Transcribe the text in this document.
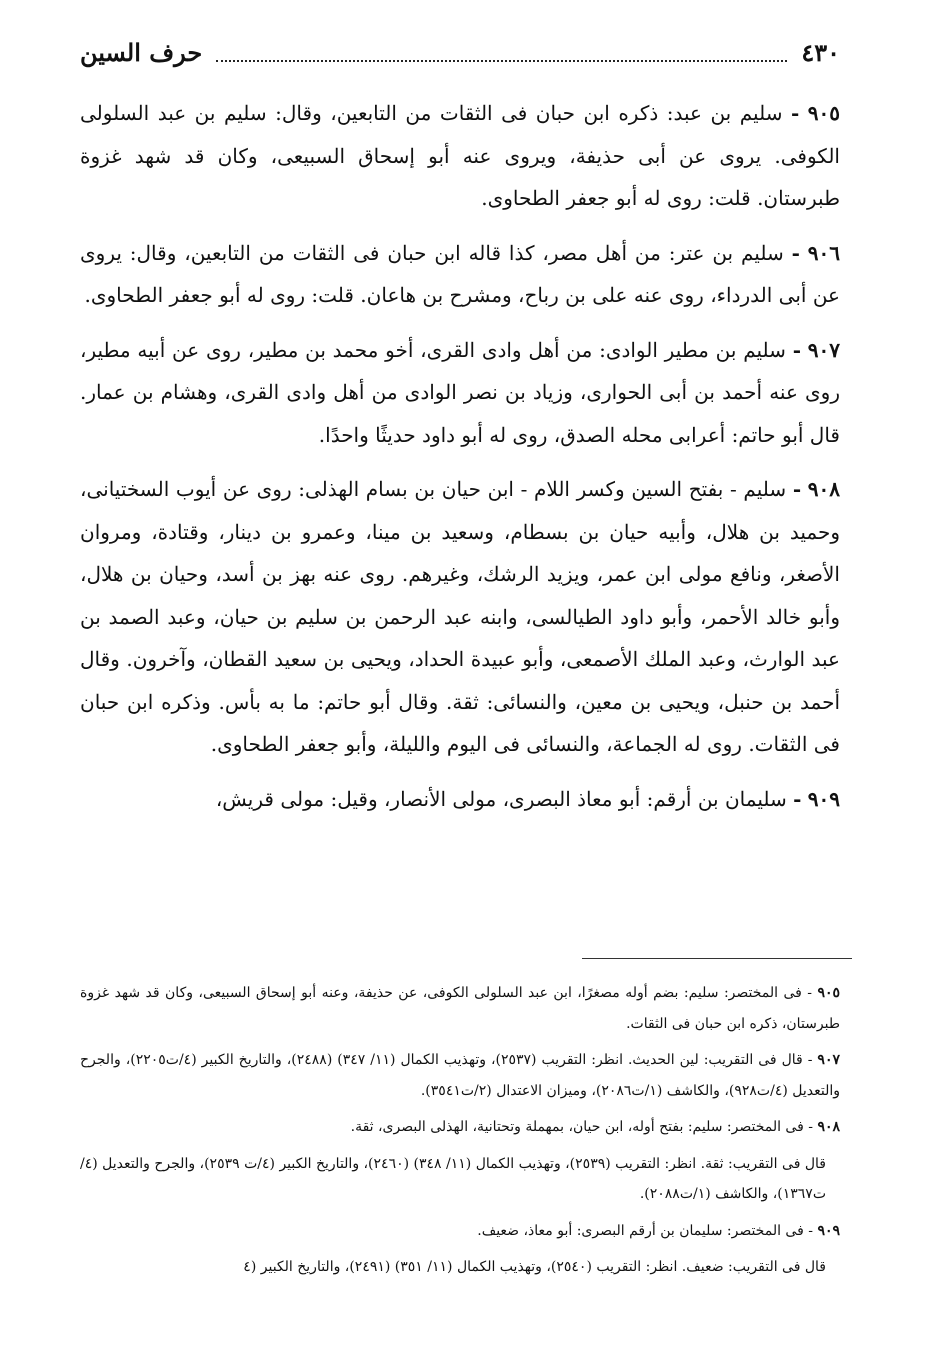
٤٣٠
حرف السين

٩٠٥ - سليم بن عبد: ذكره ابن حبان فى الثقات من التابعين، وقال: سليم بن عبد السلولى الكوفى. يروى عن أبى حذيفة، ويروى عنه أبو إسحاق السبيعى، وكان قد شهد غزوة طبرستان. قلت: روى له أبو جعفر الطحاوى.

٩٠٦ - سليم بن عتر: من أهل مصر، كذا قاله ابن حبان فى الثقات من التابعين، وقال: يروى عن أبى الدرداء، روى عنه على بن رباح، ومشرح بن هاعان. قلت: روى له أبو جعفر الطحاوى.

٩٠٧ - سليم بن مطير الوادى: من أهل وادى القرى، أخو محمد بن مطير، روى عن أبيه مطير، روى عنه أحمد بن أبى الحوارى، وزياد بن نصر الوادى من أهل وادى القرى، وهشام بن عمار. قال أبو حاتم: أعرابى محله الصدق، روى له أبو داود حديثًا واحدًا.

٩٠٨ - سليم - بفتح السين وكسر اللام - ابن حيان بن بسام الهذلى: روى عن أيوب السختيانى، وحميد بن هلال، وأبيه حيان بن بسطام، وسعيد بن مينا، وعمرو بن دينار، وقتادة، ومروان الأصغر، ونافع مولى ابن عمر، ويزيد الرشك، وغيرهم. روى عنه بهز بن أسد، وحيان بن هلال، وأبو خالد الأحمر، وأبو داود الطيالسى، وابنه عبد الرحمن بن سليم بن حيان، وعبد الصمد بن عبد الوارث، وعبد الملك الأصمعى، وأبو عبيدة الحداد، ويحيى بن سعيد القطان، وآخرون. وقال أحمد بن حنبل، ويحيى بن معين، والنسائى: ثقة. وقال أبو حاتم: ما به بأس. وذكره ابن حبان فى الثقات. روى له الجماعة، والنسائى فى اليوم والليلة، وأبو جعفر الطحاوى.

٩٠٩ - سليمان بن أرقم: أبو معاذ البصرى، مولى الأنصار، وقيل: مولى قريش،

٩٠٥ - فى المختصر: سليم: بضم أوله مصغرًا، ابن عبد السلولى الكوفى، عن حذيفة، وعنه أبو إسحاق السبيعى، وكان قد شهد غزوة طبرستان، ذكره ابن حبان فى الثقات.

٩٠٧ - قال فى التقريب: لين الحديث. انظر: التقريب (٢٥٣٧)، وتهذيب الكمال (١١/ ٣٤٧) (٢٤٨٨)، والتاريخ الكبير (٤/ت٢٢٠٥)، والجرح والتعديل (٤/ت٩٢٨)، والكاشف (١/ت٢٠٨٦)، وميزان الاعتدال (٢/ت٣٥٤١).

٩٠٨ - فى المختصر: سليم: بفتح أوله، ابن حيان، بمهملة وتحتانية، الهذلى البصرى، ثقة.

قال فى التقريب: ثقة. انظر: التقريب (٢٥٣٩)، وتهذيب الكمال (١١/ ٣٤٨) (٢٤٦٠)، والتاريخ الكبير (٤/ت ٢٥٣٩)، والجرح والتعديل (٤/ت١٣٦٧)، والكاشف (١/ت٢٠٨٨).

٩٠٩ - فى المختصر: سليمان بن أرقم البصرى: أبو معاذ، ضعيف.

قال فى التقريب: ضعيف. انظر: التقريب (٢٥٤٠)، وتهذيب الكمال (١١/ ٣٥١) (٢٤٩١)، والتاريخ الكبير (٤
